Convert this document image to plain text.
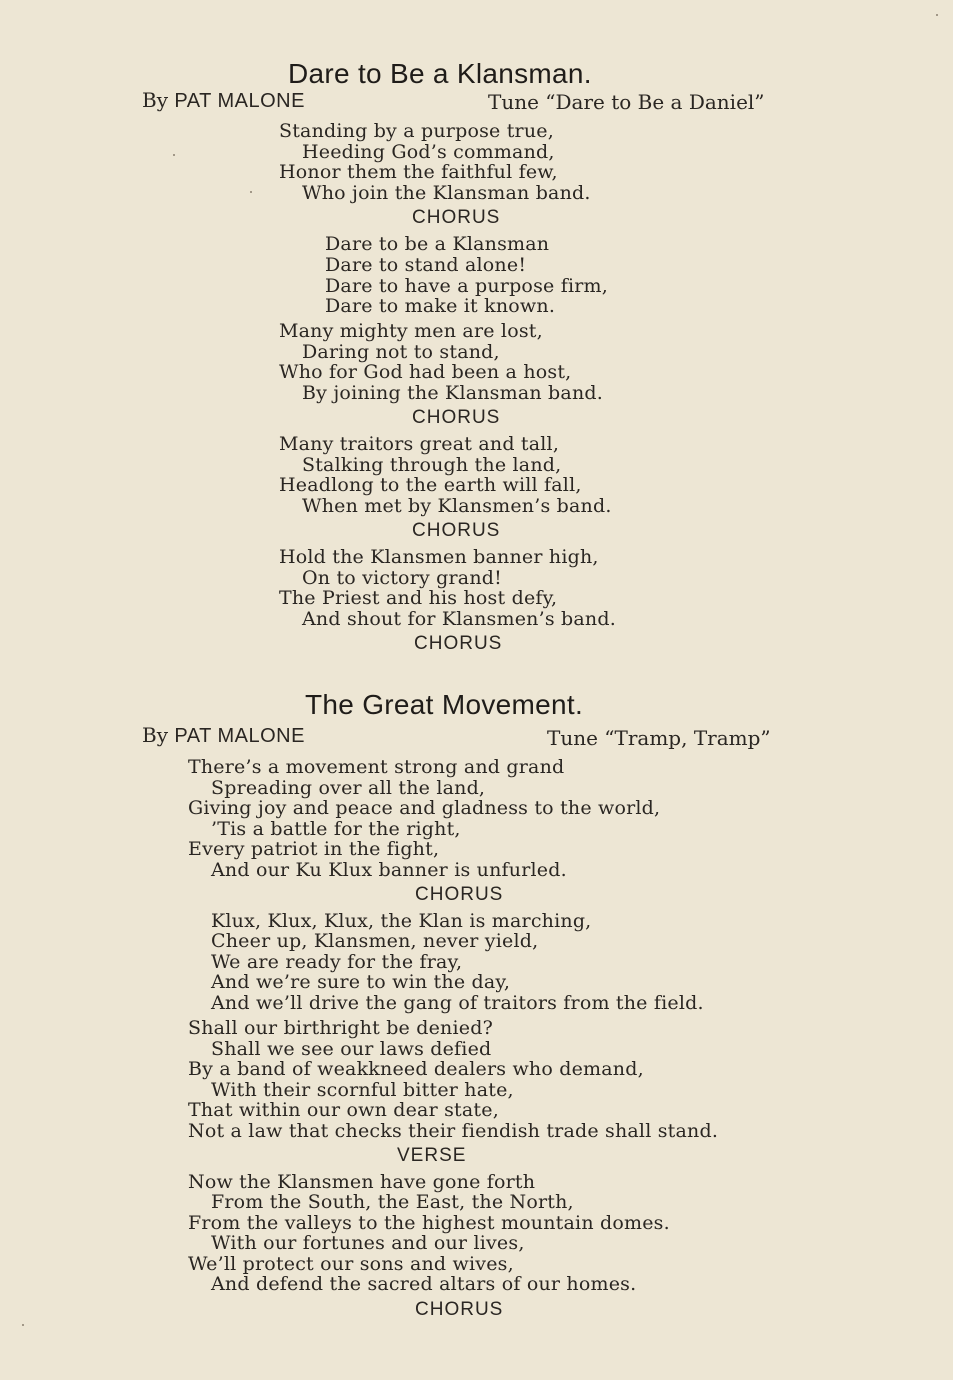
Dare to Be a Klansman.
By PAT MALONE	Tune “Dare to Be a Daniel”
Standing by a purpose true,
Heeding God’s command,
Honor them the faithful few,
Who join the Klansman band.
CHORUS
Dare to be a Klansman
Dare to stand alone!
Dare to have a purpose firm,
Dare to make it known.
Many mighty men are lost,
Daring not to stand,
Who for God had been a host,
By joining the Klansman band.
CHORUS
Many traitors great and tall,
Stalking through the land,
Headlong to the earth will fall,
When met by Klansmen’s band.
CHORUS
Hold the Klansmen banner high,
On to victory grand!
The Priest and his host defy,
And shout for Klansmen’s band.
CHORUS
The Great Movement.
By PAT MALONE	Tune “Tramp, Tramp”
There’s a movement strong and grand
Spreading over all the land,
Giving joy and peace and gladness to the world,
’Tis a battle for the right,
Every patriot in the fight,
And our Ku Klux banner is unfurled.
CHORUS
Klux, Klux, Klux, the Klan is marching,
Cheer up, Klansmen, never yield,
We are ready for the fray,
And we’re sure to win the day,
And we’ll drive the gang of traitors from the field.
Shall our birthright be denied?
Shall we see our laws defied
By a band of weakkneed dealers who demand,
With their scornful bitter hate,
That within our own dear state,
Not a law that checks their fiendish trade shall stand.
VERSE
Now the Klansmen have gone forth
From the South, the East, the North,
From the valleys to the highest mountain domes.
With our fortunes and our lives,
We’ll protect our sons and wives,
And defend the sacred altars of our homes.
CHORUS
